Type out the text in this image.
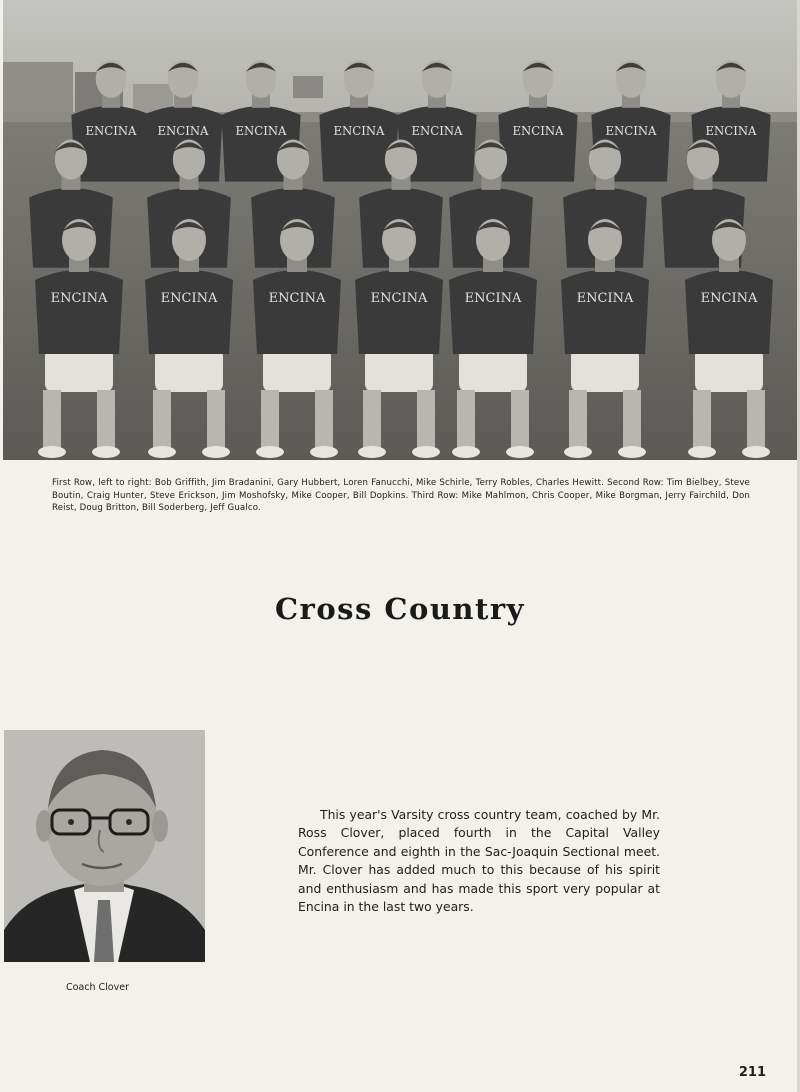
ENCINA ENCINA ENCINA	ENCINA ENCINA	ENCINA	ENCINA	ENCINA
ENCINA	ENCINA	ENCINA	ENCINA	ENCINA	ENCINA	ENCINA
First Row, left to right: Bob Griffith, Jim Bradanini, Gary Hubbert, Loren Fanucchi, Mike Schirle, Terry Robles, Charles Hewitt. Second Row: Tim Bielbey, Steve Boutin, Craig Hunter, Steve Erickson, Jim Moshofsky, Mike Cooper, Bill Dopkins. Third Row: Mike Mahlmon, Chris Cooper, Mike Borgman, Jerry Fairchild, Don Reist, Doug Britton, Bill Soderberg, Jeff Gualco.
Cross Country
Coach Clover

This year's Varsity cross country team, coached by Mr. Ross Clover, placed fourth in the Capital Valley Conference and eighth in the Sac-Joaquin Sectional meet. Mr. Clover has added much to this because of his spirit and enthusiasm and has made this sport very popular at Encina in the last two years.

211
